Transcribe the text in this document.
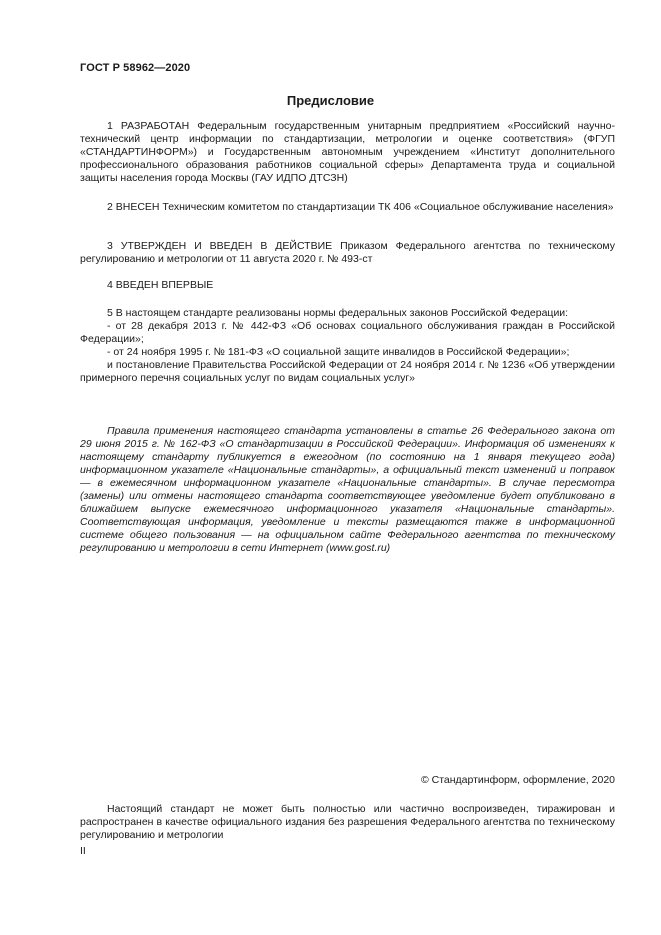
ГОСТ Р 58962—2020
Предисловие

1 РАЗРАБОТАН Федеральным государственным унитарным предприятием «Российский научно-технический центр информации по стандартизации, метрологии и оценке соответствия» (ФГУП «СТАНДАРТИНФОРМ») и Государственным автономным учреждением «Институт дополнительного профессионального образования работников социальной сферы» Департамента труда и социальной защиты населения города Москвы (ГАУ ИДПО ДТСЗН)

2 ВНЕСЕН Техническим комитетом по стандартизации ТК 406 «Социальное обслуживание населения»

3 УТВЕРЖДЕН И ВВЕДЕН В ДЕЙСТВИЕ Приказом Федерального агентства по техническому регулированию и метрологии от 11 августа 2020 г. № 493-ст

4 ВВЕДЕН ВПЕРВЫЕ

5 В настоящем стандарте реализованы нормы федеральных законов Российской Федерации:

- от 28 декабря 2013 г. № 442-ФЗ «Об основах социального обслуживания граждан в Российской Федерации»;

- от 24 ноября 1995 г. № 181-ФЗ «О социальной защите инвалидов в Российской Федерации»;

и постановление Правительства Российской Федерации от 24 ноября 2014 г. № 1236 «Об утверждении примерного перечня социальных услуг по видам социальных услуг»

Правила применения настоящего стандарта установлены в статье 26 Федерального закона от 29 июня 2015 г. № 162-ФЗ «О стандартизации в Российской Федерации». Информация об изменениях к настоящему стандарту публикуется в ежегодном (по состоянию на 1 января текущего года) информационном указателе «Национальные стандарты», а официальный текст изменений и поправок — в ежемесячном информационном указателе «Национальные стандарты». В случае пересмотра (замены) или отмены настоящего стандарта соответствующее уведомление будет опубликовано в ближайшем выпуске ежемесячного информационного указателя «Национальные стандарты». Соответствующая информация, уведомление и тексты размещаются также в информационной системе общего пользования — на официальном сайте Федерального агентства по техническому регулированию и метрологии в сети Интернет (www.gost.ru)

© Стандартинформ, оформление, 2020

Настоящий стандарт не может быть полностью или частично воспроизведен, тиражирован и распространен в качестве официального издания без разрешения Федерального агентства по техническому регулированию и метрологии

II
